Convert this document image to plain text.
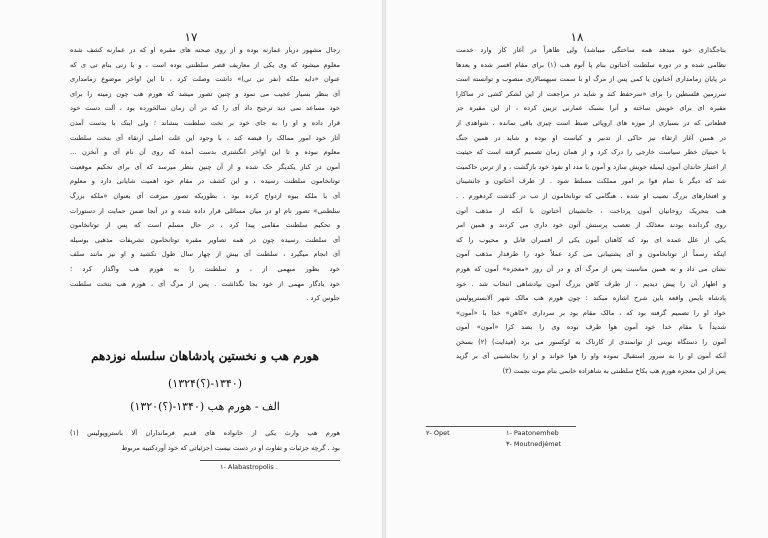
۱۷
رجال مشهور دربار عمارنه بوده و از روی صحنه های مقبره او که در عمارنه کشف شده
معلوم میشود که وی یکی از معاریف قصر سلطنتی بوده است ، و با زنی بنام تی ی که
عنوان «دایه ملکه (نفر تی تی)» داشت وصلت کرد ، تا این اواخر موضوع زمامداری
آی بنظر بسیار عجیب می نمود و چنین تصور میشد که هورم هب چون زمینه را برای
خود مساعد نمی دید ترجیح داد آی را که در آن زمان سالخورده بود ، آلت دست خود
قرار داده و او را به جای خود بر تخت سلطنت بنشاند ؛ ولی اینک با بدست آمدن
آثار خود امور ممالک را قبضه کند ، با وجود این علت اصلی ارتقاء آی بتخت سلطنت
معلوم نبوده و تا این اواخر انگشتری بدست آمده که روی آن نام آی و آنخزن ...
آمون در کنار یکدیگر حک شده و از آن چنین بنظر میرسد که آی برای تحکیم موقعیت
توتانخامون سلطنت رسیده ، و این کشف در مقام خود اهمیت شایانی دارد و معلوم
آی با ملکه بیوه ازدواج کرده بود ، بطوریکه تصور میرفت آی بعنوان «ملکه بزرگ
سلطنتی» تصور نام او در میان مسائلی قرار داده شده و در آنجا ضمن حمایت از دستورات
و تحکیم سلطنت مقامی پیدا کرد ، در حال مسلم است که پس از توتانخامون
آی سلطنت رسیده چون در همه تصاویر مقبره توتانخامون تشریفات مذهبی بوسیله
آی انجام میگیرد ، سلطنت آی بیش از چهار سال طول نکشید و او نیز مانند سلف
خود بطور مبهمی از ، و سلطنت را به هورم هب واگذار کرد ؛
خود یادگار مهمی از خود بجا نگذاشت . پس از مرگ آی ، هورم هب بتخت سلطنت
جلوس کرد .
هورم هب و نخستین پادشاهان سلسله نوزدهم
(۱۳۴۰-(؟)۱۳۲۴)
الف - هورم هب (۱۳۴۰-(؟)۱۳۲۰)
هورم هب وارث یکی از خانواده های قدیم فرمانداران آلا باستروپولیس (۱)
بود . گرچه جزئیات و تفاوت او در دست نیست (جزئیاتی که خود آوردکتیبه مربوط
۱- Alabastropolis .
۱۸
بتاجگذاری خود میدهد همه ساختگی میباشد) ولی ظاهراً در آغاز کار وارد خدمت
نظامی شده و در دوره سلطنت آخناتون بنام پا آتوم هب (۱) برای مقام افسر شده و بعدها
در پایان زمامداری آخناتون یا کمی پس از مرگ او با سمت سپهسالاری منصوب و توانسته است
سرزمین فلسطین را برای «سرحفظ کند و شاید در مراجعت از این لشکر کشی در ساکارا
مقبره ای برای خویش ساخته و آنرا بسبک عمارنی تزیین کرده ، از این مقبره جز
قطعاتی که در بسیاری از موزه های اروپائی ضبط است چیزی باقی نمانده ، شواهدی از
در همین آغاز ارتقاء نیز حاکی از تدبیر و کیاست او بوده و شاید در همین جنگ
با حیتیان خطر سیاست خارجی را درک کرد و از همان زمان تصمیم گرفته است که حیثیت
از اعتبار خاندان آمون ایمیله خویش سازد و آمون با مدد او نفوذ خود بازگشت ، و از ترس حاکمیت
شد که دیگر با تمام قوا بر امور مملکت مسلط شود . از طرف آخناتون و جانشینان
و افتخارهای بزرگ نصیب او شده . هنگامی که توتانخامون از تب در گذشت کردهورم . .
هب بتحریک روحانیان آمون پرداخت ، جانشینان آخناتون با آنکه از مذهب آتون
روی گردانده بودند معذلک از تعصب پرستش آتون خود داری می کردند و همین امر
یکی از علل عمده ای بود که کاهنان آمون یکی از افسران قابل و محبوب را که
اینکه رسماً از توتانخامون و آی پشتیبانی می کرد عملاً خود را طرفدار مذهب آمون
نشان می داد و به همین مناسبت پس از مرگ آی و در آن روز «معجزه» آمون که هورم
و اظهار آن را پیش دیدیم ، از طرف کاهن بزرگ آمون بپادشاهی انتخاب شد . خود
پادشاه بایمن واقعه باین شرح اشاره میکند : چون هورم هب مالک شهر آلابسترپولیس
خواد او را تصمیم گرفته بود که ، مالک مقام بود بر سرداری «کاهن» خدا با «آمون»
شدیداً با مقام خدا خود آمون هوا طرف بوده وی را بصد کرا «آمون» آمون
آمون را دستگاه نوینی از توانمندی از کارناک به لوکسور می برد (فیدایت) (۲) بسخن
آنکه آمون او را به سرور استقبال نموده واو را هوا خواند و او را بجانشینی آی بر گزید
پس از این معجزه هورم هب بکاخ سلطنتی به شاهزاده خانمی بنام موت نجمت (۳)
۱- Paatonemheb
۲- Opet
۳- Moutnedjémet
